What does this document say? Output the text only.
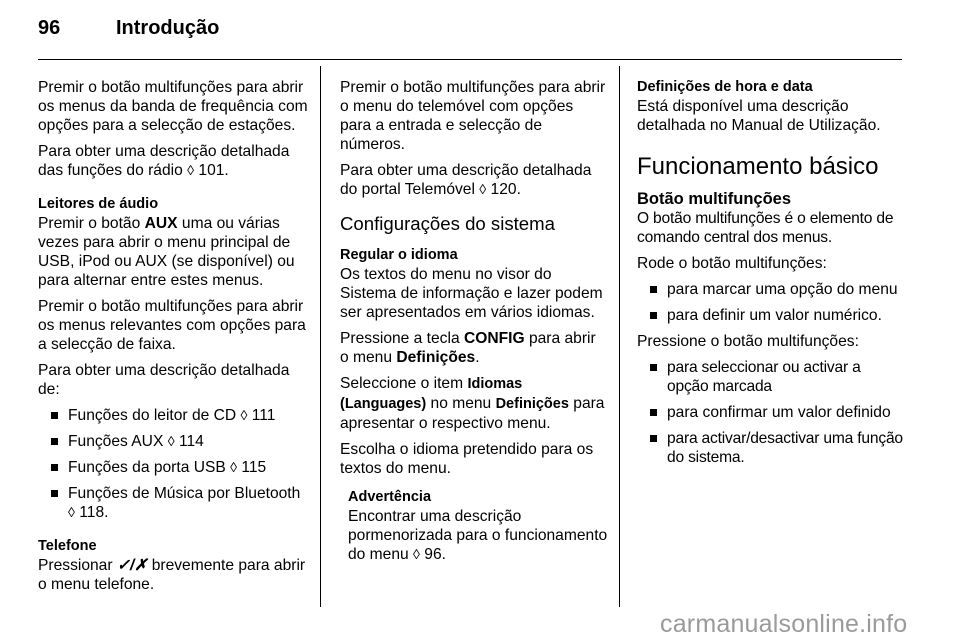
96	Introdução

Premir o botão multifunções para abrir os menus da banda de frequência com opções para a selecção de estações.

Para obter uma descrição detalhada das funções do rádio ◊ 101.

Leitores de áudio

Premir o botão AUX uma ou várias vezes para abrir o menu principal de USB, iPod ou AUX (se disponível) ou para alternar entre estes menus.

Premir o botão multifunções para abrir os menus relevantes com opções para a selecção de faixa.

Para obter uma descrição detalhada de:

Funções do leitor de CD ◊ 111
Funções AUX ◊ 114
Funções da porta USB ◊ 115
Funções de Música por Bluetooth ◊ 118.
Telefone

Pressionar ✓/✗ brevemente para abrir o menu telefone.

Premir o botão multifunções para abrir o menu do telemóvel com opções para a entrada e selecção de números.

Para obter uma descrição detalhada do portal Telemóvel ◊ 120.

Configurações do sistema
Regular o idioma

Os textos do menu no visor do Sistema de informação e lazer podem ser apresentados em vários idiomas.

Pressione a tecla CONFIG para abrir o menu Definições.

Seleccione o item Idiomas (Languages) no menu Definições para apresentar o respectivo menu.

Escolha o idioma pretendido para os textos do menu.

Advertência
Encontrar uma descrição pormenorizada para o funcionamento do menu ◊ 96.
Definições de hora e data

Está disponível uma descrição detalhada no Manual de Utilização.

Funcionamento básico
Botão multifunções

O botão multifunções é o elemento de comando central dos menus.

Rode o botão multifunções:

para marcar uma opção do menu
para definir um valor numérico.

Pressione o botão multifunções:

para seleccionar ou activar a opção marcada
para confirmar um valor definido
para activar/desactivar uma função do sistema.
carmanualsonline.info
